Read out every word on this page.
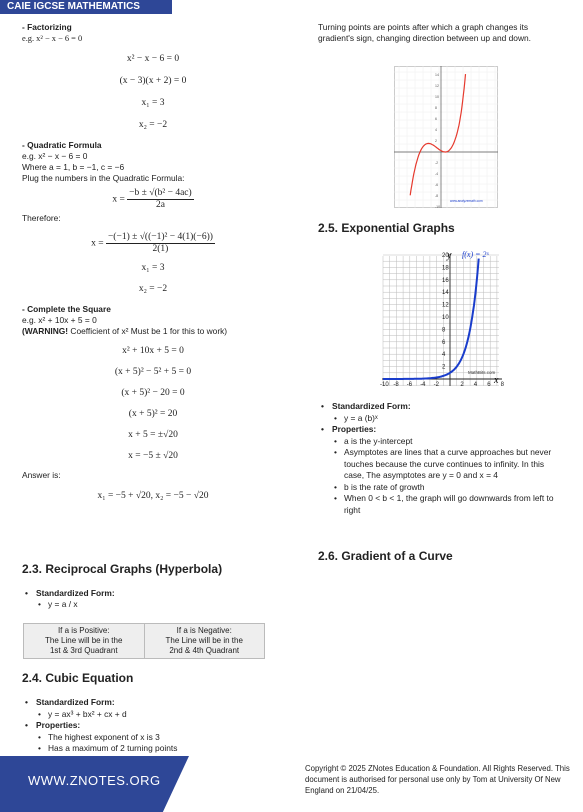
CAIE IGCSE MATHEMATICS
- Factorizing
e.g. x² − x − 6 = 0
x² − x − 6 = 0
(x − 3)(x + 2) = 0
x₁ = 3
x₂ = −2
- Quadratic Formula
e.g. x² − x − 6 = 0
Where a = 1, b = −1, c = −6
Plug the numbers in the Quadratic Formula:
$x = \frac{\text{−b ± √(b² − 4ac)}}{2a}$
Therefore:
$x = \frac{\text{−(−1) ± √((−1)² − 4(1)(−6))}}{2(1)}$
x₁ = 3
x₂ = −2
- Complete the Square
e.g. x² + 10x + 5 = 0
(WARNING! Coefficient of x² Must be 1 for this to work)
x² + 10x + 5 = 0
(x + 5)² − 5² + 5 = 0
(x + 5)² − 20 = 0
(x + 5)² = 20
x + 5 = ±√20
x = −5 ± √20
Answer is:
x₁ = −5 + √20, x₂ = −5 − √20
2.3. Reciprocal Graphs (Hyperbola)
• Standardized Form:
• y = a / x
If a is Positive:
The Line will be in the
1st & 3rd Quadrant	If a is Negative:
The Line will be in the
2nd & 4th Quadrant
2.4. Cubic Equation
• Standardized Form:
• y = ax³ + bx² + cx + d
• Properties:
• The highest exponent of x is 3
• Has a maximum of 2 turning points
Turning points are points after which a graph changes its gradient's sign, changing direction between up and down.
14
12
10
8
6
4
2
-2
-4
-6
-8
-10
www.analyzemath.com
2.5. Exponential Graphs
20
18
16
14
12
10
8
6
4
2
-10 -8 -6 -4 -2	2 4 6 8
y
x
f(x) = 2ˣ
MathBits.com
• Standardized Form:
• y = a (b)ˣ
• Properties:
• a is the y-intercept
• Asymptotes are lines that a curve approaches but never touches because the curve continues to infinity. In this case, The asymptotes are y = 0 and x = 4
• b is the rate of growth
• When 0 < b < 1, the graph will go downwards from left to right
2.6. Gradient of a Curve
WWW.ZNOTES.ORG
Copyright © 2025 ZNotes Education & Foundation. All Rights Reserved. This document is authorised for personal use only by Tom at University Of New England on 21/04/25.
